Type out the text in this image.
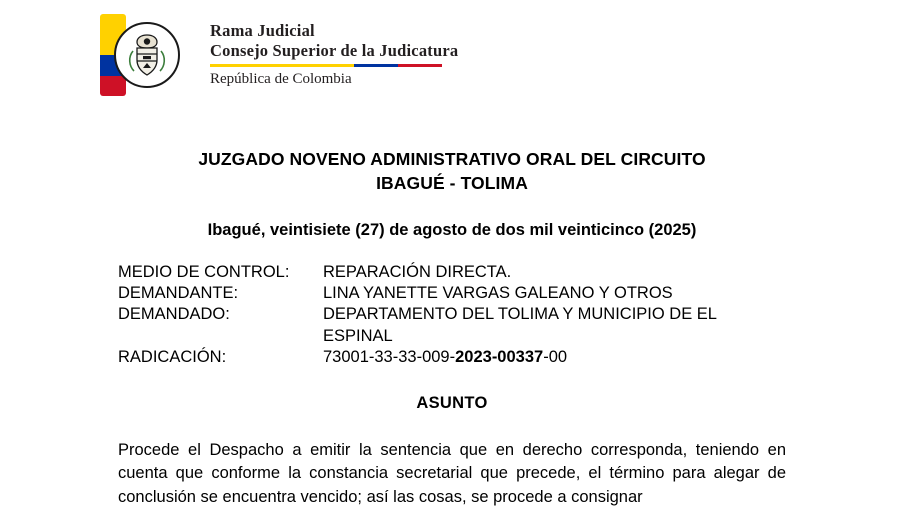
Rama Judicial
Consejo Superior de la Judicatura
República de Colombia
JUZGADO NOVENO ADMINISTRATIVO ORAL DEL CIRCUITO
IBAGUÉ - TOLIMA
Ibagué, veintisiete (27) de agosto de dos mil veinticinco (2025)
MEDIO DE CONTROL:	REPARACIÓN DIRECTA.
DEMANDANTE:	LINA YANETTE VARGAS GALEANO Y OTROS
DEMANDADO:	DEPARTAMENTO DEL TOLIMA Y MUNICIPIO DE EL ESPINAL
RADICACIÓN:	73001-33-33-009-2023-00337-00
ASUNTO
Procede el Despacho a emitir la sentencia que en derecho corresponda, teniendo en cuenta que conforme la constancia secretarial que precede, el término para alegar de conclusión se encuentra vencido; así las cosas, se procede a consignar
